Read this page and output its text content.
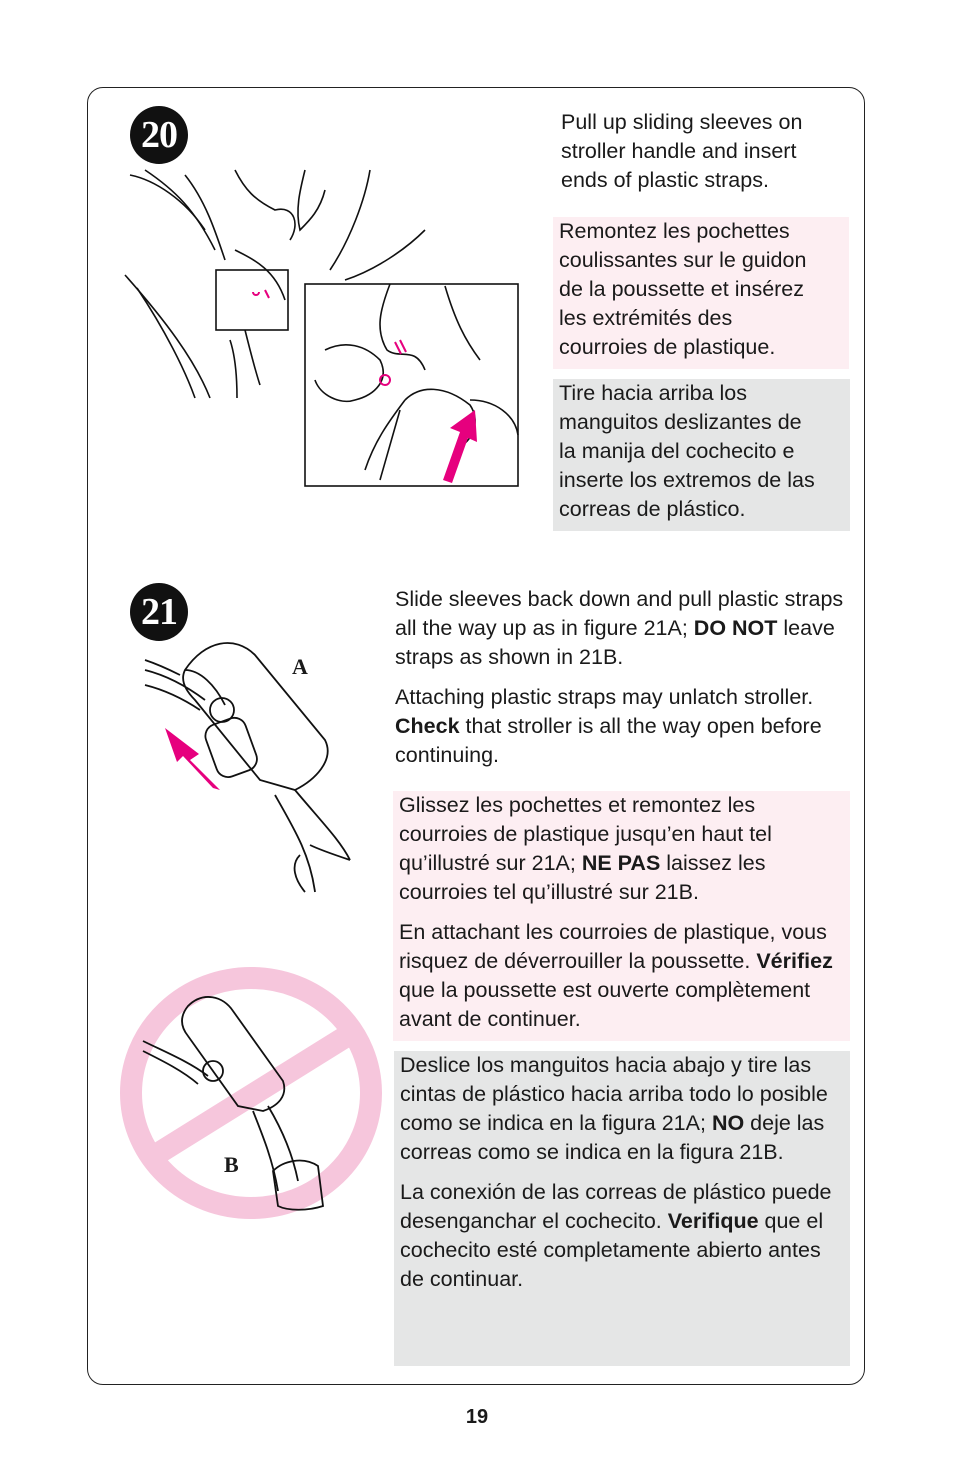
20	Pull up sliding sleeves on

stroller handle and insert

ends of plastic straps.

Remontez les pochettes

coulissantes sur le guidon

de la poussette et insérez

les extrémités des

courroies de plastique.

Tire hacia arriba los

manguitos deslizantes de

la manija del cochecito e

inserte los extremos de las

correas de plástico.

21
A
B

Slide sleeves back down and pull plastic straps all the way up as in figure 21A; DO NOT leave straps as shown in 21B.

Attaching plastic straps may unlatch stroller. Check that stroller is all the way open before continuing.

Glissez les pochettes et remontez les courroies de plastique jusqu’en haut tel qu’illustré sur 21A; NE PAS laissez les courroies tel qu’illustré sur 21B.

En attachant les courroies de plastique, vous risquez de déverrouiller la poussette. Vérifiez que la poussette est ouverte complètement avant de continuer.

Deslice los manguitos hacia abajo y tire las cintas de plástico hacia arriba todo lo posible como se indica en la figura 21A; NO deje las correas como se indica en la figura 21B.

La conexión de las correas de plástico puede desenganchar el cochecito. Verifique que el cochecito esté completamente abierto antes de continuar.

19
